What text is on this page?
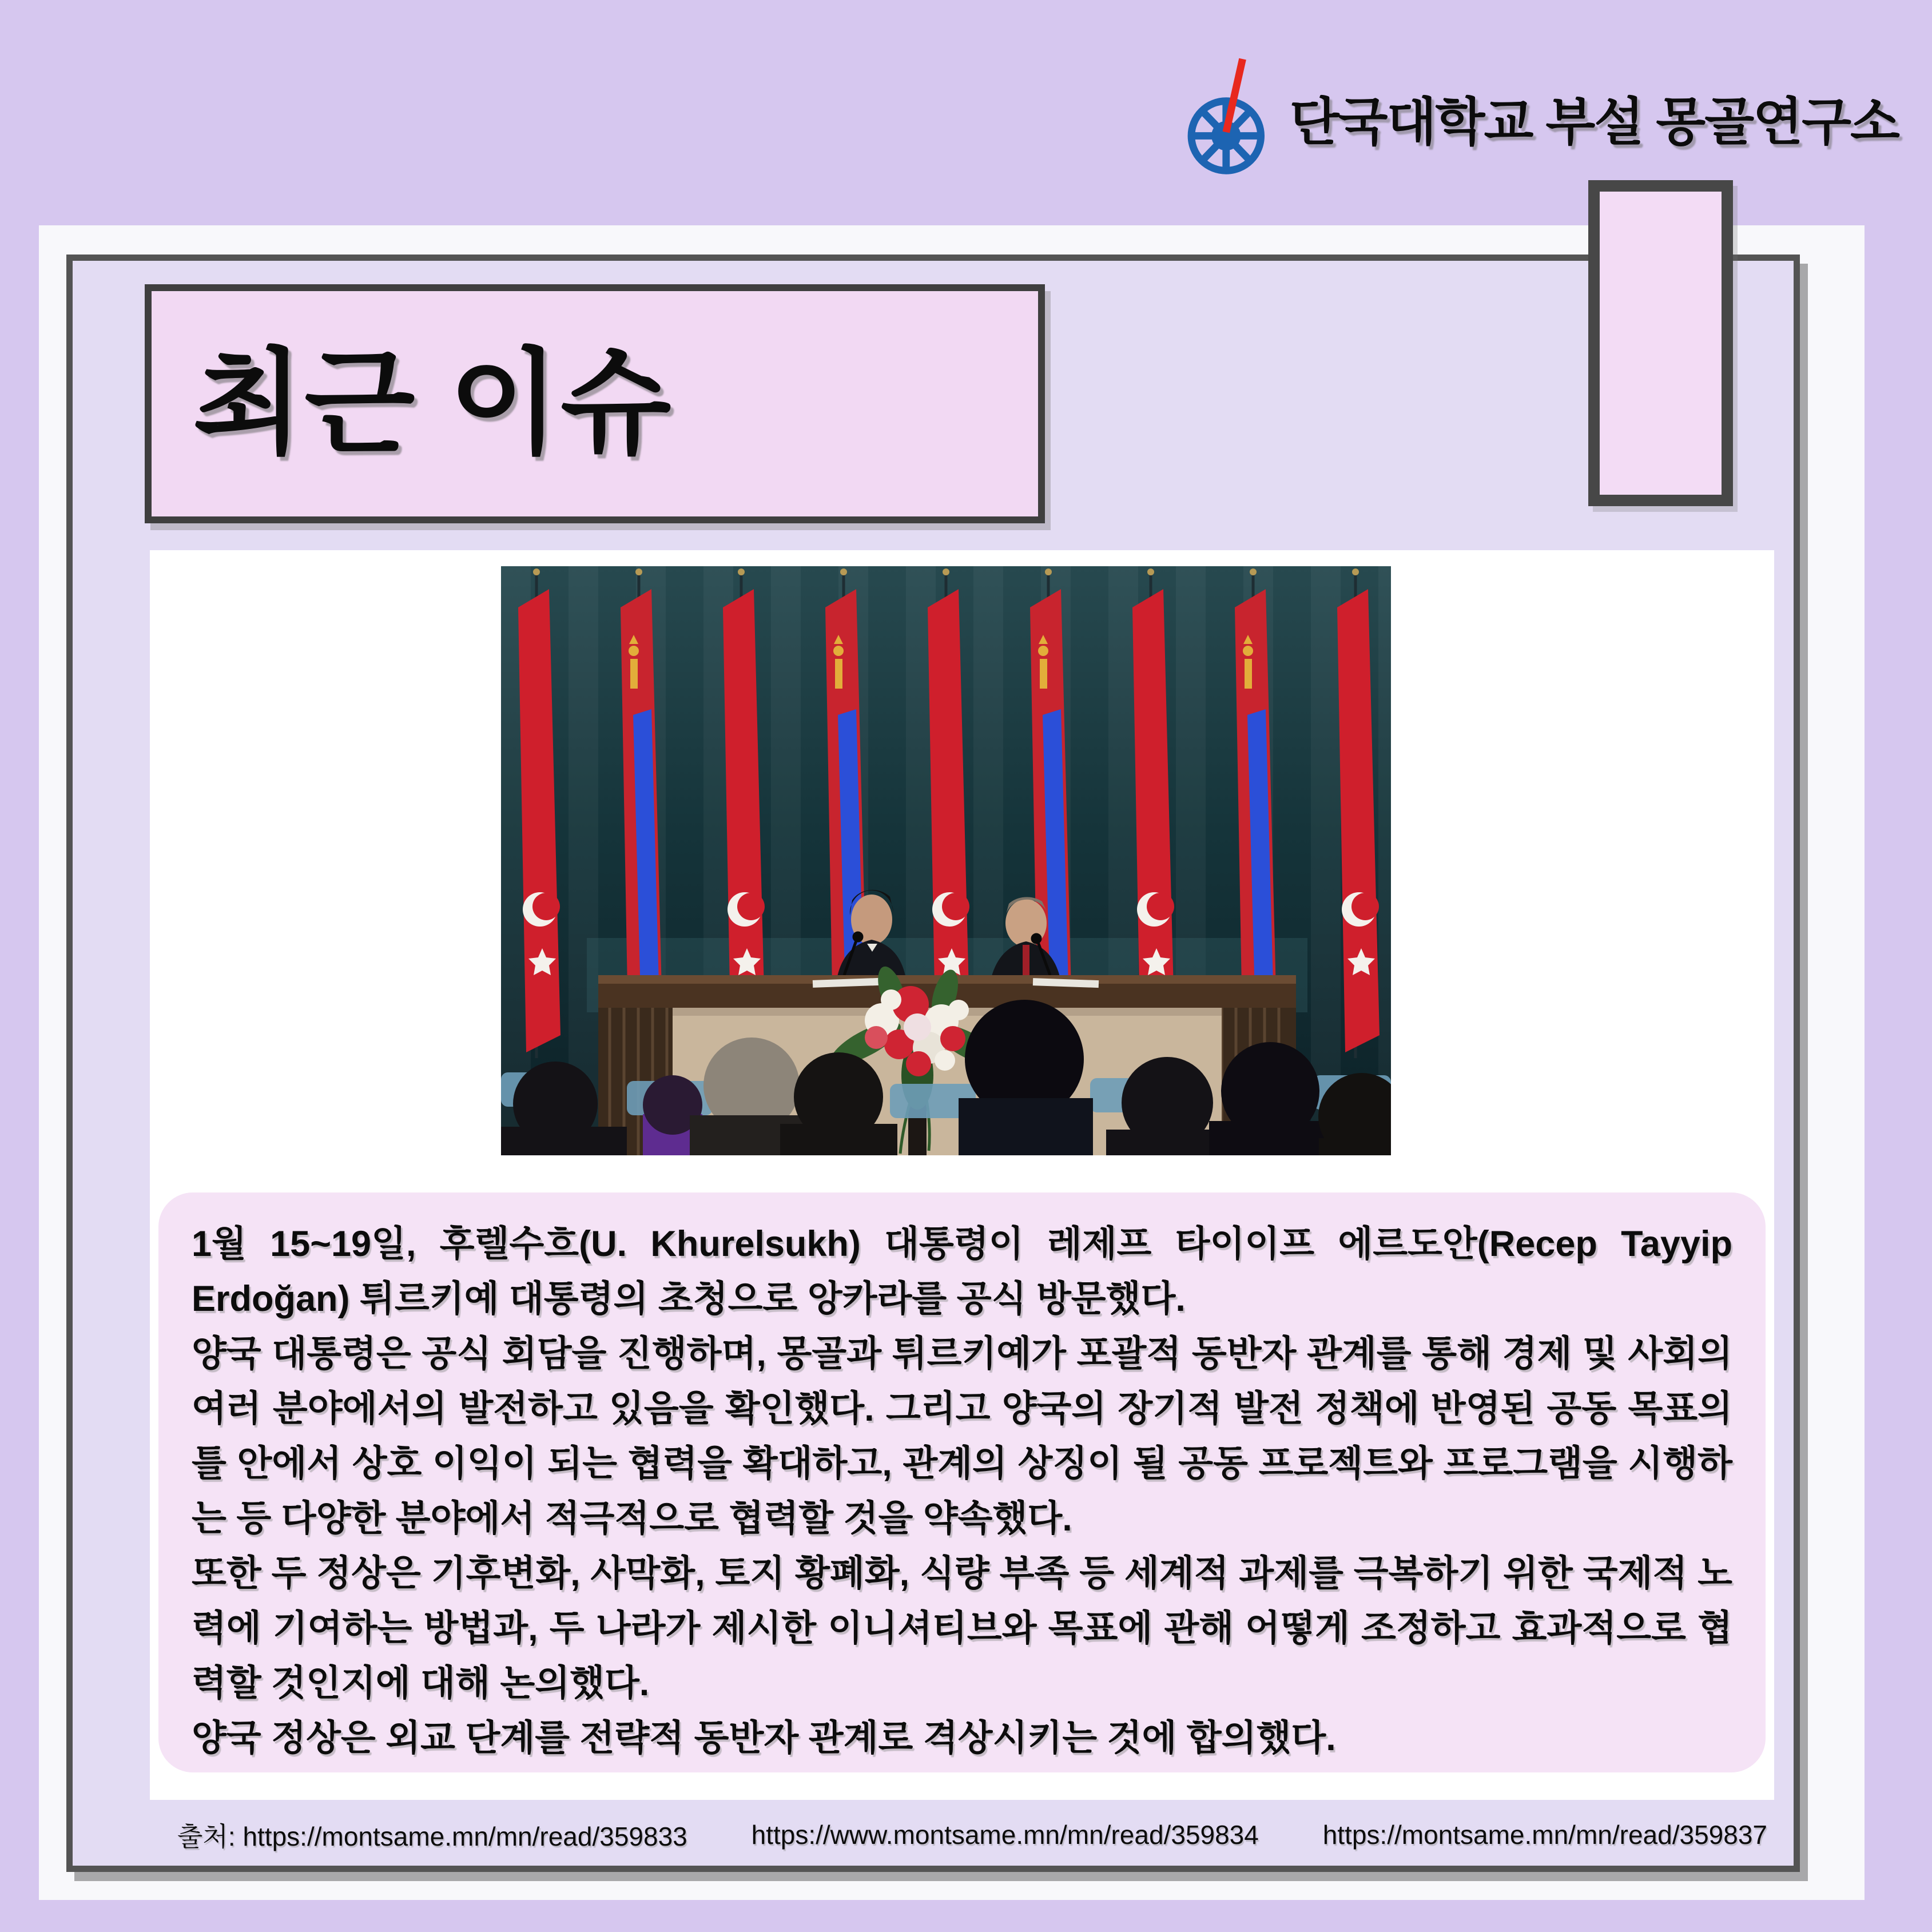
단국대학교 부설 몽골연구소
최근 이슈

1월 15~19일, 후렐수흐(U. Khurelsukh) 대통령이 레제프 타이이프 에르도안(Recep Tayyip Erdoğan) 튀르키예 대통령의 초청으로 앙카라를 공식 방문했다.

양국 대통령은 공식 회담을 진행하며, 몽골과 튀르키예가 포괄적 동반자 관계를 통해 경제 및 사회의 여러 분야에서의 발전하고 있음을 확인했다. 그리고 양국의 장기적 발전 정책에 반영된 공동 목표의 틀 안에서 상호 이익이 되는 협력을 확대하고, 관계의 상징이 될 공동 프로젝트와 프로그램을 시행하는 등 다양한 분야에서 적극적으로 협력할 것을 약속했다.

또한 두 정상은 기후변화, 사막화, 토지 황폐화, 식량 부족 등 세계적 과제를 극복하기 위한 국제적 노력에 기여하는 방법과, 두 나라가 제시한 이니셔티브와 목표에 관해 어떻게 조정하고 효과적으로 협력할 것인지에 대해 논의했다.

양국 정상은 외교 단계를 전략적 동반자 관계로 격상시키는 것에 합의했다.

출처: https://montsame.mn/mn/read/359833 https://www.montsame.mn/mn/read/359834 https://montsame.mn/mn/read/359837
